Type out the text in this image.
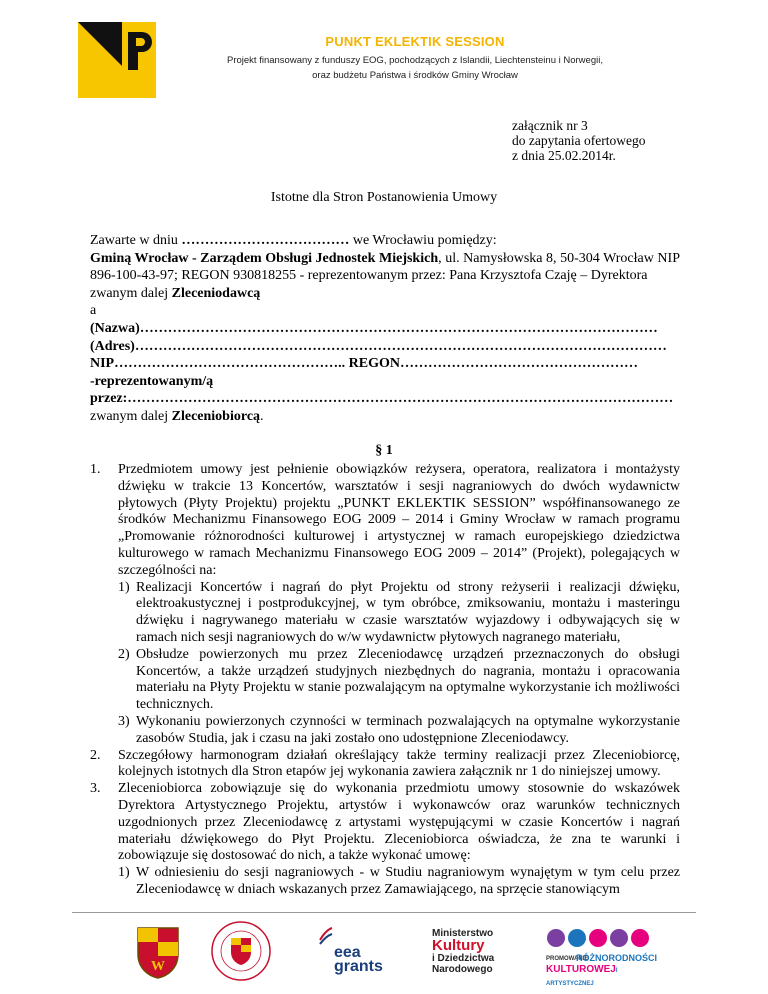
PUNKT EKLEKTIK SESSION
Projekt finansowany z funduszy EOG, pochodzących z Islandii, Liechtensteinu i Norwegii,
oraz budżetu Państwa i środków Gminy Wrocław
załącznik nr 3
do zapytania ofertowego
z dnia 25.02.2014r.
Istotne dla Stron Postanowienia Umowy
Zawarte w dniu ……………………………… we Wrocławiu pomiędzy:
Gminą Wrocław - Zarządem Obsługi Jednostek Miejskich, ul. Namysłowska 8, 50-304 Wrocław NIP 896-100-43-97; REGON 930818255 - reprezentowanym przez: Pana Krzysztofa Czaję – Dyrektora
zwanym dalej Zleceniodawcą
a
(Nazwa)…………………………………………………………………………………………………
(Adres)……………………………………………………………………………………………………
NIP………………………………………….. REGON……………………………………………
-reprezentowanym/ą
przez:………………………………………………………………………………………………………
zwanym dalej Zleceniobiorcą.
§ 1
1. Przedmiotem umowy jest pełnienie obowiązków reżysera, operatora, realizatora i montażysty dźwięku w trakcie 13 Koncertów, warsztatów i sesji nagraniowych do dwóch wydawnictw płytowych (Płyty Projektu) projektu „PUNKT EKLEKTIK SESSION” współfinansowanego ze środków Mechanizmu Finansowego EOG 2009 – 2014 i Gminy Wrocław w ramach programu „Promowanie różnorodności kulturowej i artystycznej w ramach europejskiego dziedzictwa kulturowego w ramach Mechanizmu Finansowego EOG 2009 – 2014” (Projekt), polegających w szczególności na:
1) Realizacji Koncertów i nagrań do płyt Projektu od strony reżyserii i realizacji dźwięku, elektroakustycznej i postprodukcyjnej, w tym obróbce, zmiksowaniu, montażu i masteringu dźwięku i nagrywanego materiału w czasie warsztatów wyjazdowy i odbywających się w ramach nich sesji nagraniowych do w/w wydawnictw płytowych nagranego materiału,
2) Obsłudze powierzonych mu przez Zleceniodawcę urządzeń przeznaczonych do obsługi Koncertów, a także urządzeń studyjnych niezbędnych do nagrania, montażu i opracowania materiału na Płyty Projektu w stanie pozwalającym na optymalne wykorzystanie ich możliwości technicznych.
3) Wykonaniu powierzonych czynności w terminach pozwalających na optymalne wykorzystanie zasobów Studia, jak i czasu na jaki zostało ono udostępnione Zleceniodawcy.
2. Szczegółowy harmonogram działań określający także terminy realizacji przez Zleceniobiorcę, kolejnych istotnych dla Stron etapów jej wykonania zawiera załącznik nr 1 do niniejszej umowy.
3. Zleceniobiorca zobowiązuje się do wykonania przedmiotu umowy stosownie do wskazówek Dyrektora Artystycznego Projektu, artystów i wykonawców oraz warunków technicznych uzgodnionych przez Zleceniodawcę z artystami występującymi w czasie Koncertów i nagrań materiału dźwiękowego do Płyt Projektu. Zleceniobiorca oświadcza, że zna te warunki i zobowiązuje się dostosować do nich, a także wykonać umowę:
1) W odniesieniu do sesji nagraniowych - w Studiu nagraniowym wynajętym w tym celu przez Zleceniodawcę w dniach wskazanych przez Zamawiającego, na sprzęcie stanowiącym
W
eea
grants
Ministerstwo
Kultury
i Dziedzictwa
Narodowego
PROMOWANIE
RÓŻNORODNOŚCI
KULTUROWEJI ARTYSTYCZNEJ
